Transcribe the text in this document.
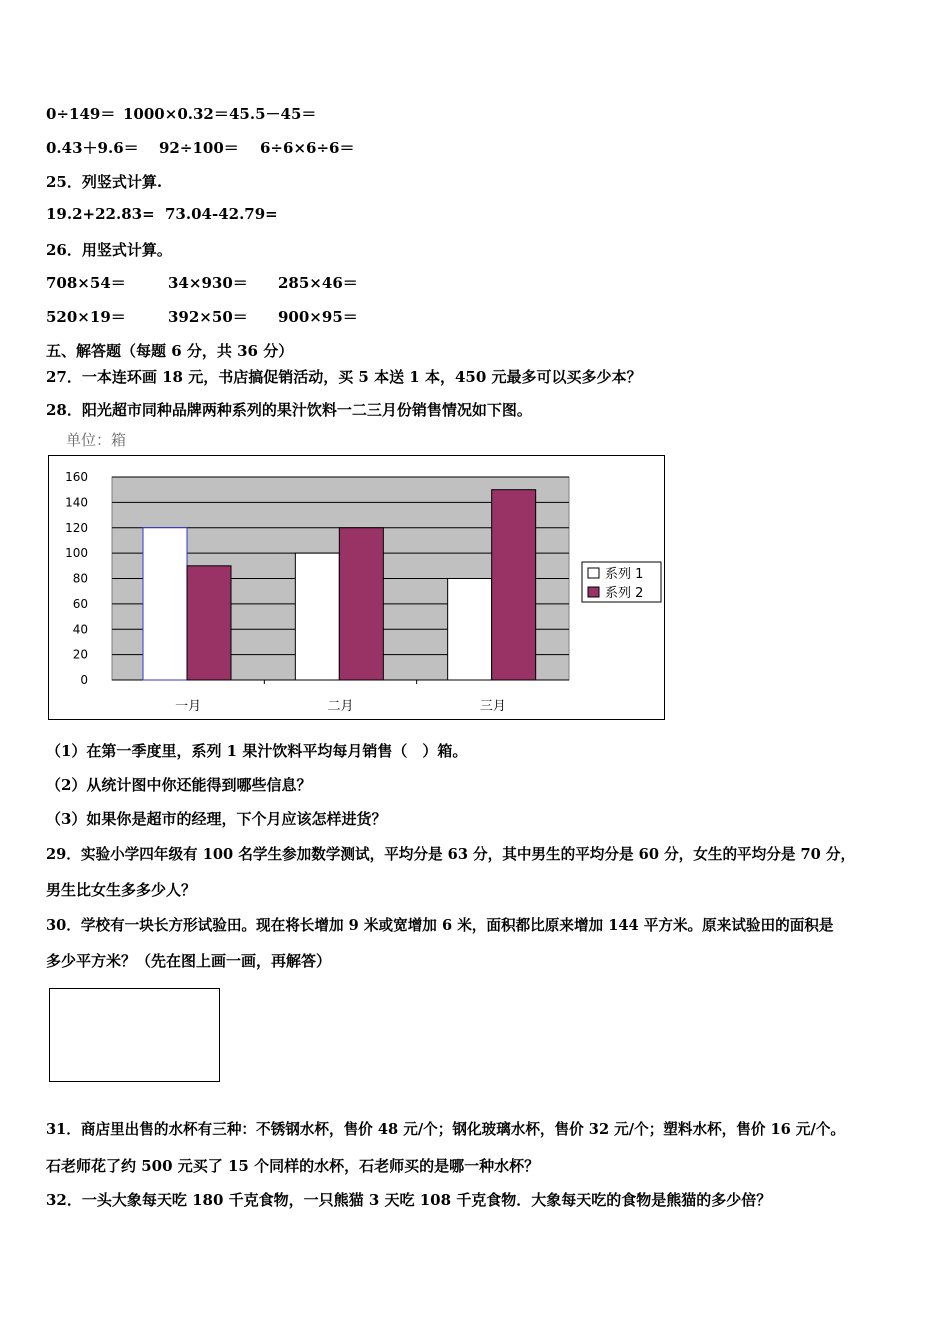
0÷149＝ 1000×0.32＝45.5－45＝
0.43＋9.6＝ 92÷100＝ 6÷6×6÷6＝
25．列竖式计算.
19.2+22.83= 73.04-42.79=
26．用竖式计算。
708×54＝	34×930＝ 285×46＝
520×19＝	392×50＝ 900×95＝
五、解答题（每题 6 分，共 36 分）
27．一本连环画 18 元，书店搞促销活动，买 5 本送 1 本，450 元最多可以买多少本？
28．阳光超市同种品牌两种系列的果汁饮料一二三月份销售情况如下图。
单位：箱
0
20
40
60
80
100
120
140
160
一月	二月	三月
系列 1
系列 2
（1）在第一季度里，系列 1 果汁饮料平均每月销售（　）箱。
（2）从统计图中你还能得到哪些信息？
（3）如果你是超市的经理，下个月应该怎样进货？
29．实验小学四年级有 100 名学生参加数学测试，平均分是 63 分，其中男生的平均分是 60 分，女生的平均分是 70 分，
男生比女生多多少人？
30．学校有一块长方形试验田。现在将长增加 9 米或宽增加 6 米，面积都比原来增加 144 平方米。原来试验田的面积是
多少平方米？（先在图上画一画，再解答）
31．商店里出售的水杯有三种：不锈钢水杯，售价 48 元/个；钢化玻璃水杯，售价 32 元/个；塑料水杯，售价 16 元/个。
石老师花了约 500 元买了 15 个同样的水杯，石老师买的是哪一种水杯？
32．一头大象每天吃 180 千克食物，一只熊猫 3 天吃 108 千克食物．大象每天吃的食物是熊猫的多少倍？
